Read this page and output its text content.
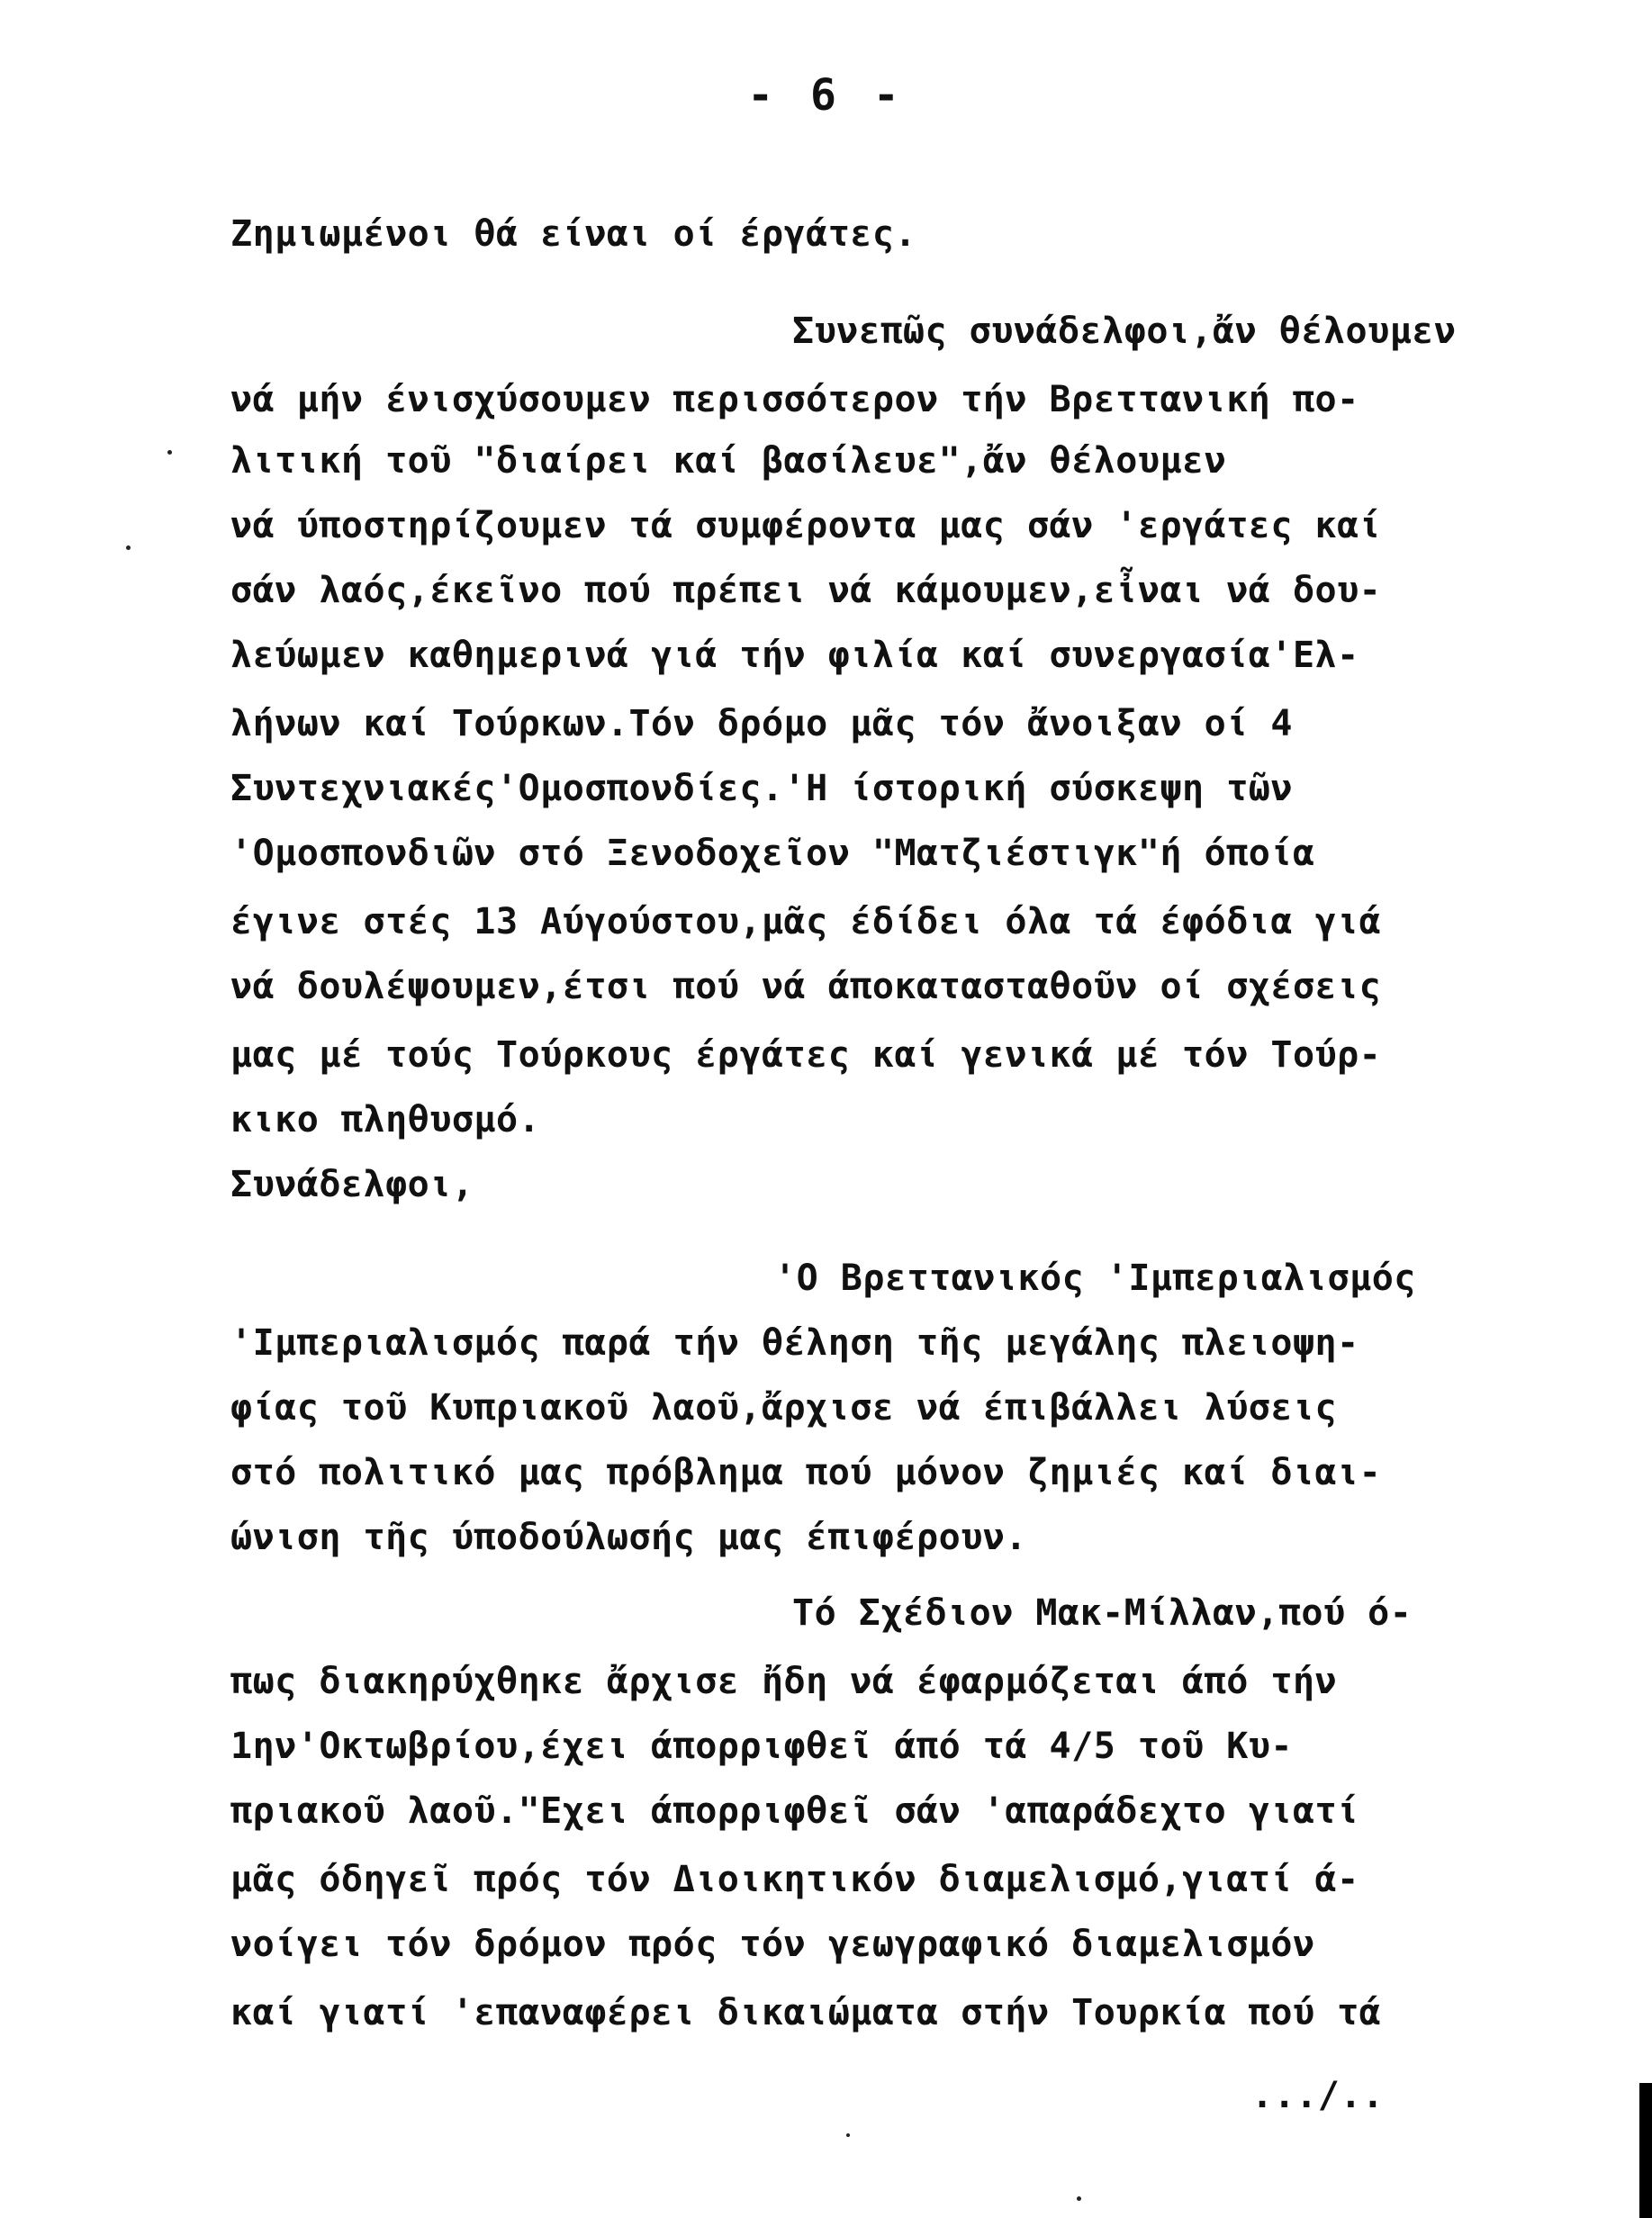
- 6 -
Ζημιωμένοι θά είναι οί έργάτες.
Συνεπῶς συνάδελφοι,ἄν θέλουμεν
νά μήν ένισχύσουμεν περισσότερον τήν Βρεττανική πο-
λιτική τοῦ "διαίρει καί βασίλευε",ἄν θέλουμεν
νά ύποστηρίζουμεν τά συμφέροντα μας σάν 'εργάτες καί
σάν λαός,έκεῖνο πού πρέπει νά κάμουμεν,εἶναι νά δου-
λεύωμεν καθημερινά γιά τήν φιλία καί συνεργασία'Ελ-
λήνων καί Τούρκων.Τόν δρόμο μᾶς τόν ἄνοιξαν οί 4
Συντεχνιακές'Ομοσπονδίες.'Η ίστορική σύσκεψη τῶν
'Ομοσπονδιῶν στό Ξενοδοχεῖον "Ματζιέστιγκ"ή όποία
έγινε στές 13 Αύγούστου,μᾶς έδίδει όλα τά έφόδια γιά
νά δουλέψουμεν,έτσι πού νά άποκατασταθοῦν οί σχέσεις
μας μέ τούς Τούρκους έργάτες καί γενικά μέ τόν Τούρ-
κικο πληθυσμό.
Συνάδελφοι,
'Ο Βρεττανικός 'Ιμπεριαλισμός
'Ιμπεριαλισμός παρά τήν θέληση τῆς μεγάλης πλειοψη-
φίας τοῦ Κυπριακοῦ λαοῦ,ἄρχισε νά έπιβάλλει λύσεις
στό πολιτικό μας πρόβλημα πού μόνον ζημιές καί διαι-
ώνιση τῆς ύποδούλωσής μας έπιφέρουν.
Τό Σχέδιον Μακ-Μίλλαν,πού ό-
πως διακηρύχθηκε ἄρχισε ἤδη νά έφαρμόζεται άπό τήν
1ην'Οκτωβρίου,έχει άπορριφθεῖ άπό τά 4/5 τοῦ Κυ-
πριακοῦ λαοῦ."Εχει άπορριφθεῖ σάν 'απαράδεχτο γιατί
μᾶς όδηγεῖ πρός τόν Διοικητικόν διαμελισμό,γιατί ά-
νοίγει τόν δρόμον πρός τόν γεωγραφικό διαμελισμόν
καί γιατί 'επαναφέρει δικαιώματα στήν Τουρκία πού τά
.../..
